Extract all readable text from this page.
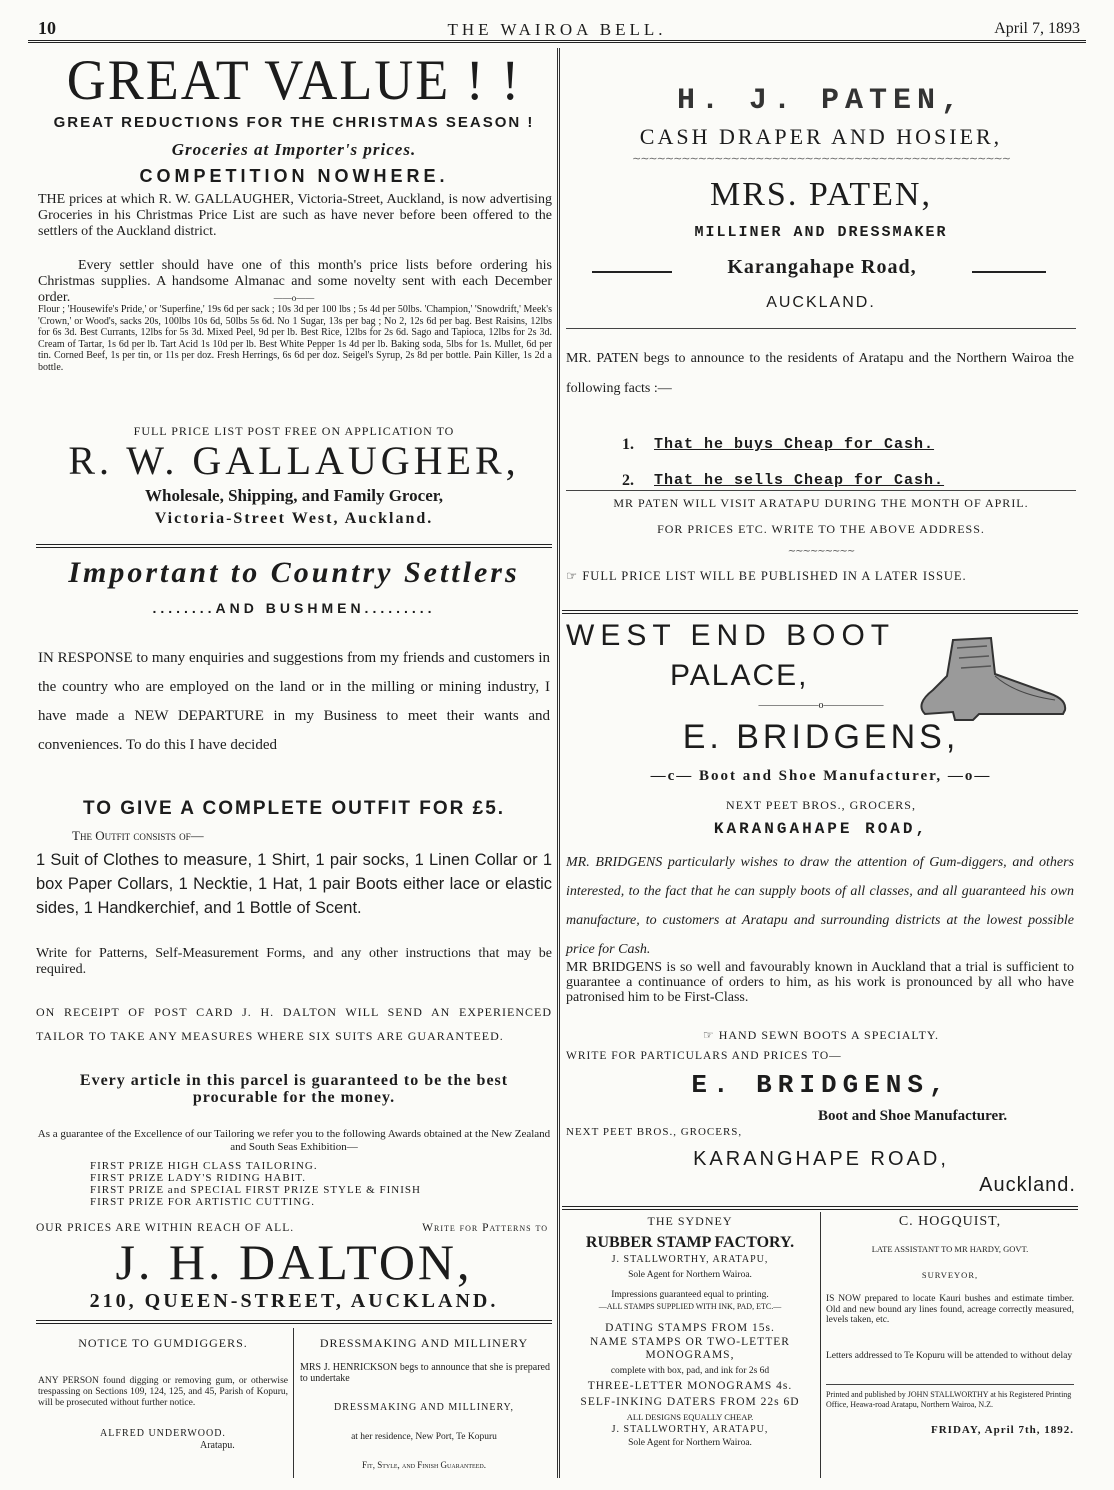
10	THE WAIROA BELL.	April 7, 1893
GREAT VALUE ! !
GREAT REDUCTIONS FOR THE CHRISTMAS SEASON !
Groceries at Importer's prices.
COMPETITION NOWHERE.

THE prices at which R. W. GALLAUGHER, Victoria-Street, Auckland, is now advertising Groceries in his Christmas Price List are such as have never before been offered to the settlers of the Auckland district.

Every settler should have one of this month's price lists before ordering his Christmas supplies. A handsome Almanac and some novelty sent with each December order.	——o——

Flour ; 'Housewife's Pride,' or 'Superfine,' 19s 6d per sack ; 10s 3d per 100 lbs ; 5s 4d per 50lbs. 'Champion,' 'Snowdrift,' Meek's 'Crown,' or Wood's, sacks 20s, 100lbs 10s 6d, 50lbs 5s 6d. No 1 Sugar, 13s per bag ; No 2, 12s 6d per bag. Best Raisins, 12lbs for 6s 3d. Best Currants, 12lbs for 5s 3d. Mixed Peel, 9d per lb. Best Rice, 12lbs for 2s 6d. Sago and Tapioca, 12lbs for 2s 3d. Cream of Tartar, 1s 6d per lb. Tart Acid 1s 10d per lb. Best White Pepper 1s 4d per lb. Baking soda, 5lbs for 1s. Mullet, 6d per tin. Corned Beef, 1s per tin, or 11s per doz. Fresh Herrings, 6s 6d per doz. Seigel's Syrup, 2s 8d per bottle. Pain Killer, 1s 2d a bottle.

FULL PRICE LIST POST FREE ON APPLICATION TO
R. W. GALLAUGHER,
Wholesale, Shipping, and Family Grocer,
Victoria-Street West, Auckland.
Important to Country Settlers
........AND BUSHMEN.........

IN RESPONSE to many enquiries and suggestions from my friends and customers in the country who are employed on the land or in the milling or mining industry, I have made a NEW DEPARTURE in my Business to meet their wants and conveniences. To do this I have decided

TO GIVE A COMPLETE OUTFIT FOR £5.
The Outfit consists of—

1 Suit of Clothes to measure, 1 Shirt, 1 pair socks, 1 Linen Collar or 1 box Paper Collars, 1 Necktie, 1 Hat, 1 pair Boots either lace or elastic sides, 1 Handkerchief, and 1 Bottle of Scent.

Write for Patterns, Self-Measurement Forms, and any other instructions that may be required.

ON RECEIPT OF POST CARD J. H. DALTON WILL SEND AN EXPERIENCED TAILOR TO TAKE ANY MEASURES WHERE SIX SUITS ARE GUARANTEED.

Every article in this parcel is guaranteed to be the best procurable for the money.

As a guarantee of the Excellence of our Tailoring we refer you to the following Awards obtained at the New Zealand and South Seas Exhibition—

FIRST PRIZE HIGH CLASS TAILORING.
FIRST PRIZE LADY'S RIDING HABIT.
FIRST PRIZE and SPECIAL FIRST PRIZE STYLE & FINISH
FIRST PRIZE FOR ARTISTIC CUTTING.
OUR PRICES ARE WITHIN REACH OF ALL.	Write for Patterns to
J. H. DALTON,
210, QUEEN-STREET, AUCKLAND.
NOTICE TO GUMDIGGERS.

ANY PERSON found digging or removing gum, or otherwise trespassing on Sections 109, 124, 125, and 45, Parish of Kopuru, will be prosecuted without further notice.

ALFRED UNDERWOOD.
Aratapu.
DRESSMAKING AND MILLINERY

MRS J. HENRICKSON begs to announce that she is prepared to undertake

DRESSMAKING AND MILLINERY,
at her residence, New Port, Te Kopuru
Fit, Style, and Finish Guaranteed.
H. J. PATEN,
CASH DRAPER AND HOSIER,
∼∼∼∼∼∼∼∼∼∼∼∼∼∼∼∼∼∼∼∼∼∼∼∼∼∼∼∼∼∼∼∼∼∼∼∼∼∼∼∼∼∼∼∼∼∼
MRS. PATEN,
MILLINER AND DRESSMAKER
Karangahape Road,
AUCKLAND.

MR. PATEN begs to announce to the residents of Aratapu and the Northern Wairoa the following facts :—

1. That he buys Cheap for Cash.
2. That he sells Cheap for Cash.
MR PATEN WILL VISIT ARATAPU DURING THE MONTH OF APRIL.
FOR PRICES ETC. WRITE TO THE ABOVE ADDRESS.
∼∼∼∼∼∼∼∼∼
☞ FULL PRICE LIST WILL BE PUBLISHED IN A LATER ISSUE.
WEST END BOOT
PALACE,
——————o——————
E. BRIDGENS,
—c— Boot and Shoe Manufacturer, —o—
NEXT PEET BROS., GROCERS,
KARANGAHAPE ROAD,

MR. BRIDGENS particularly wishes to draw the attention of Gum-diggers, and others interested, to the fact that he can supply boots of all classes, and all guaranteed his own manufacture, to customers at Aratapu and surrounding districts at the lowest possible price for Cash.

MR BRIDGENS is so well and favourably known in Auckland that a trial is sufficient to guarantee a continuance of orders to him, as his work is pronounced by all who have patronised him to be First-Class.

☞ HAND SEWN BOOTS A SPECIALTY.
WRITE FOR PARTICULARS AND PRICES TO—
E. BRIDGENS,
Boot and Shoe Manufacturer.
NEXT PEET BROS., GROCERS,
KARANGHAPE ROAD,
Auckland.
THE SYDNEY
RUBBER STAMP FACTORY.
J. STALLWORTHY, ARATAPU,
Sole Agent for Northern Wairoa.
Impressions guaranteed equal to printing.
—ALL STAMPS SUPPLIED WITH INK, PAD, ETC.—
DATING STAMPS FROM 15s.
NAME STAMPS OR TWO-LETTER MONOGRAMS,
complete with box, pad, and ink for 2s 6d
THREE-LETTER MONOGRAMS 4s.
SELF-INKING DATERS FROM 22s 6D
ALL DESIGNS EQUALLY CHEAP.
J. STALLWORTHY, ARATAPU,
Sole Agent for Northern Wairoa.
C. HOGQUIST,
LATE ASSISTANT TO MR HARDY, GOVT.
SURVEYOR,

IS NOW prepared to locate Kauri bushes and estimate timber. Old and new bound ary lines found, acreage correctly measured, levels taken, etc.

Letters addressed to Te Kopuru will be attended to without delay

Printed and published by JOHN STALLWORTHY at his Registered Printing Office, Heawa-road Aratapu, Northern Wairoa, N.Z.

FRIDAY, April 7th, 1892.
